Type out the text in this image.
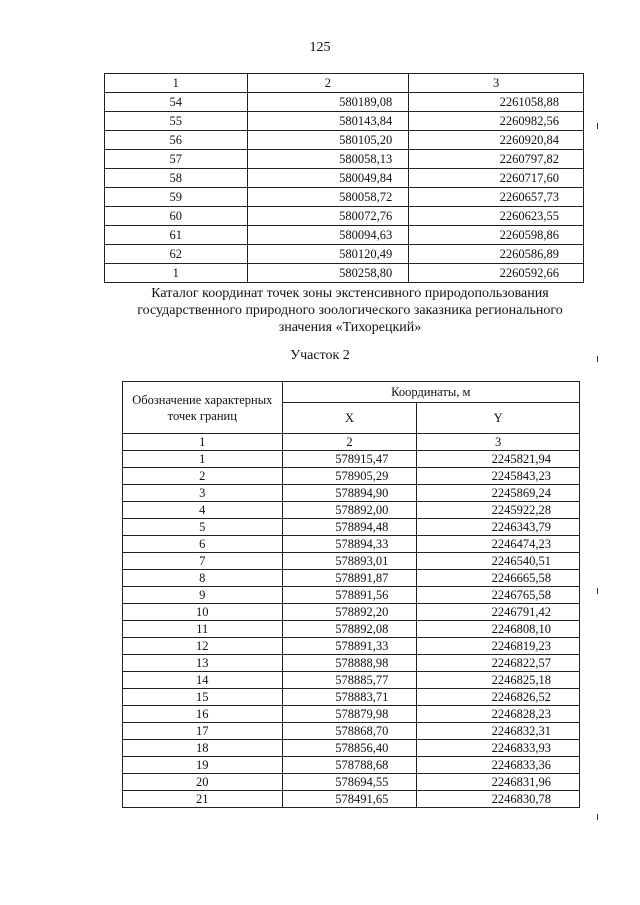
125
1	2	3
54	580189,08	2261058,88
55	580143,84	2260982,56
56	580105,20	2260920,84
57	580058,13	2260797,82
58	580049,84	2260717,60
59	580058,72	2260657,73
60	580072,76	2260623,55
61	580094,63	2260598,86
62	580120,49	2260586,89
1	580258,80	2260592,66
Каталог координат точек зоны экстенсивного природопользования
государственного природного зоологического заказника регионального
значения «Тихорецкий»
Участок 2
Обозначение характерных точек границ	Координаты, м	
	X	Y
1	2	3
1	578915,47	2245821,94
2	578905,29	2245843,23
3	578894,90	2245869,24
4	578892,00	2245922,28
5	578894,48	2246343,79
6	578894,33	2246474,23
7	578893,01	2246540,51
8	578891,87	2246665,58
9	578891,56	2246765,58
10	578892,20	2246791,42
11	578892,08	2246808,10
12	578891,33	2246819,23
13	578888,98	2246822,57
14	578885,77	2246825,18
15	578883,71	2246826,52
16	578879,98	2246828,23
17	578868,70	2246832,31
18	578856,40	2246833,93
19	578788,68	2246833,36
20	578694,55	2246831,96
21	578491,65	2246830,78
